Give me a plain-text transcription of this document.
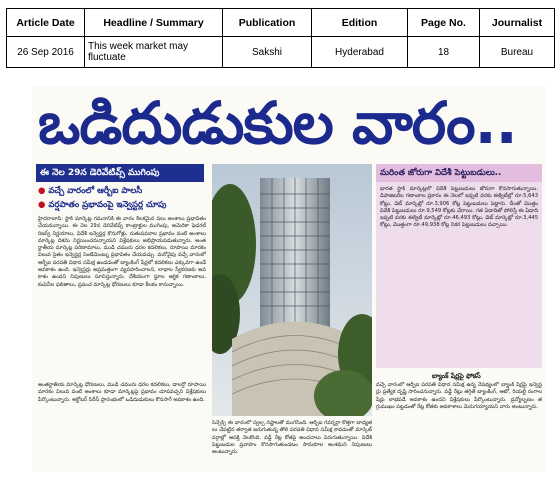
Article Date	Headline / Summary	Publication	Edition	Page No.	Journalist
26 Sep 2016	This week market may fluctuate	Sakshi	Hyderabad	18	Bureau
ఒడిదుడుకుల వారం..
ఈ నెల 29న డెరివేటివ్స్ ముగింపు
● వచ్చే వారంలో ఆర్బీఐ పాలసీ
● వర్షపాతం ప్రభావంపై ఇన్వెస్టర్ల చూపు
హైదరాబాద్: స్టాక్ మార్కెట్ల గమనానికి ఈ వారం కీలకమైన పలు అంశాలు ప్రభావితం చేయనున్నాయి. ఈ నెల 29న డెరివేటివ్స్ కాంట్రాక్టుల ముగింపు, అమెరికా ఫెడరల్ రిజర్వ్ నిర్ణయాలు, విదేశీ ఇన్వెస్టర్ల కొనుగోళ్లు, రుతుపవనాల ప్రభావం వంటి అంశాలు మార్కెట్ల దిశను నిర్ణయించనున్నాయని విశ్లేషకులు అభిప్రాయపడుతున్నారు. అంతర్జాతీయ మార్కెట్ల పరిణామాలు, ముడి చమురు ధరల కదలికలు, రూపాయి మారకం విలువ సైతం ఇన్వెస్టర్ల సెంటిమెంట్ను ప్రభావితం చేయవచ్చు. మరోవైపు వచ్చే వారంలో ఆర్బీఐ పరపతి విధాన సమీక్ష ఉండడంతో బ్యాంకింగ్ షేర్లలో కదలికలు ఎక్కువగా ఉండే అవకాశం ఉంది. ఇన్వెస్టర్లు అప్రమత్తంగా వ్యవహరించాలని, లాభాల స్వీకరణకు అవకాశం ఉందని నిపుణులు సూచిస్తున్నారు. దేశీయంగా స్థూల ఆర్థిక గణాంకాలు, కంపెనీల ఫలితాలు, ప్రపంచ మార్కెట్ల ధోరణులు కూడా కీలకం కానున్నాయి.
అంతర్జాతీయ మార్కెట్ల ధోరణులు, ముడి చమురు ధరల కదలికలు, డాలర్తో రూపాయి మారకం విలువ వంటి అంశాలు కూడా మార్కెట్లపై ప్రభావం చూపవచ్చని విశ్లేషకులు పేర్కొంటున్నారు. అక్టోబర్ సిరీస్ ప్రారంభంలో ఒడిదుడుకులు కొనసాగే అవకాశం ఉంది.
సెన్సెక్స్ ఈ వారంలో స్వల్ప నష్టాలతో ముగిసింది. ఆర్బీఐ గవర్నర్గా కొత్తగా బాధ్యతలు చేపట్టిన తర్వాత జరుగుతున్న తొలి పరపతి విధాన సమీక్ష కావడంతో మార్కెట్ వర్గాల్లో ఆసక్తి నెలకొంది. వడ్డీ రేట్ల కోతపై అంచనాలు పెరుగుతున్నాయి. విదేశీ పెట్టుబడుల ప్రవాహం కొనసాగుతుండటం సానుకూల అంశమని నిపుణులు అంటున్నారు.
మరింత జోరుగా విదేశీ పెట్టుబడులు..
భారత స్టాక్ మార్కెట్లలో విదేశీ పెట్టుబడులు జోరుగా కొనసాగుతున్నాయి. డిపాజిటరీల గణాంకాల ప్రకారం ఈ నెలలో ఇప్పటి వరకు ఈక్విటీల్లో రూ.5,643 కోట్లు, డెట్ మార్కెట్లో రూ.3,906 కోట్ల పెట్టుబడులు పెట్టారు. దీంతో మొత్తం విదేశీ పెట్టుబడులు రూ.9,549 కోట్లకు చేరాయి. గత ఏడాదితో పోలిస్తే ఈ ఏడాది ఇప్పటి వరకు ఈక్విటీ మార్కెట్లో రూ.46,493 కోట్లు, డెట్ మార్కెట్లో రూ.3,445 కోట్లు, మొత్తంగా రూ.49,938 కోట్ల నికర పెట్టుబడులు వచ్చాయి.
బ్యాంక్ షేర్లపై ఫోకస్
వచ్చే వారంలో ఆర్బీఐ పరపతి విధాన సమీక్ష ఉన్న నేపథ్యంలో బ్యాంక్ షేర్లపై ఇన్వెస్టర్లు ప్రత్యేక దృష్టి సారించనున్నారు. వడ్డీ రేట్లు తగ్గితే బ్యాంకింగ్, ఆటో, రియల్టీ రంగాల షేర్లు లాభపడే అవకాశం ఉందని విశ్లేషకులు పేర్కొంటున్నారు. ద్రవ్యోల్బణం తగ్గుముఖం పట్టడంతో రేట్ల కోతకు అవకాశాలు మెరుగయ్యాయని వారు అంటున్నారు.
